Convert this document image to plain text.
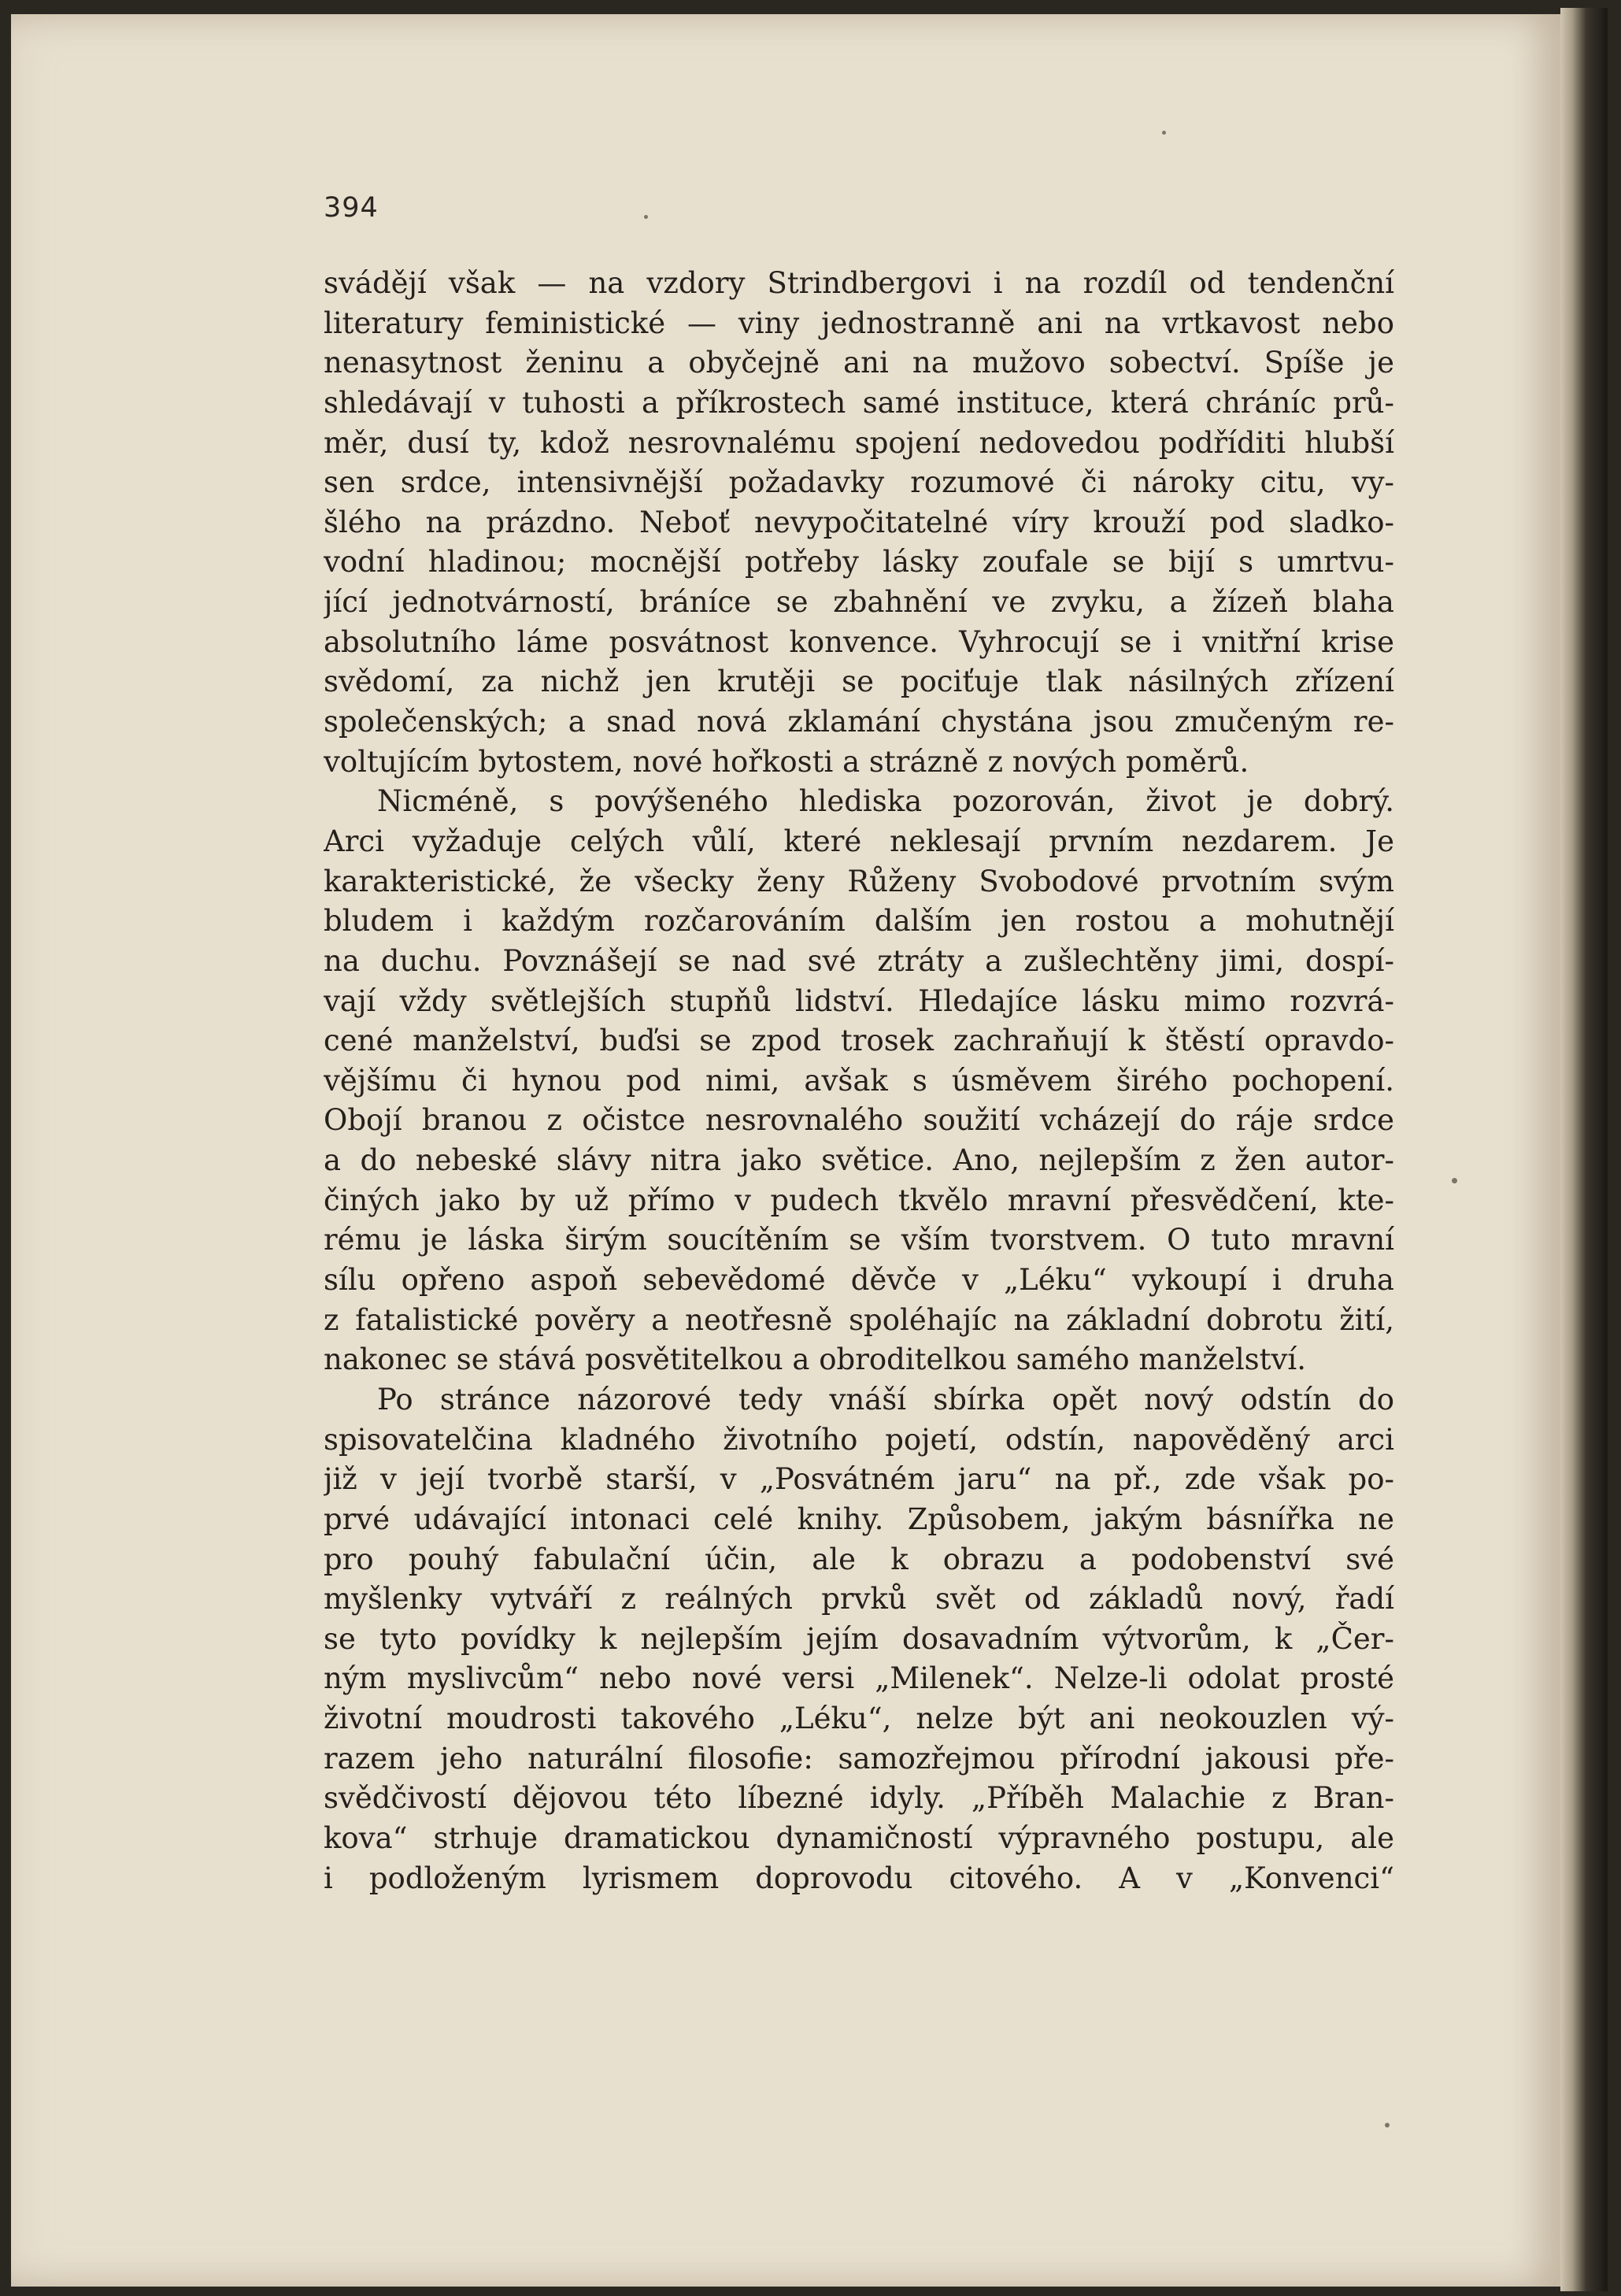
394
svádějí však — na vzdory Strindbergovi i na rozdíl od tendenční
literatury feministické — viny jednostranně ani na vrtkavost nebo
nenasytnost ženinu a obyčejně ani na mužovo sobectví. Spíše je
shledávají v tuhosti a příkrostech samé instituce, která chráníc prů-
měr, dusí ty, kdož nesrovnalému spojení nedovedou podříditi hlubší
sen srdce, intensivnější požadavky rozumové či nároky citu, vy-
šlého na prázdno. Neboť nevypočitatelné víry krouží pod sladko-
vodní hladinou; mocnější potřeby lásky zoufale se bijí s umrtvu-
jící jednotvárností, bráníce se zbahnění ve zvyku, a žízeň blaha
absolutního láme posvátnost konvence. Vyhrocují se i vnitřní krise
svědomí, za nichž jen krutěji se pociťuje tlak násilných zřízení
společenských; a snad nová zklamání chystána jsou zmučeným re-
voltujícím bytostem, nové hořkosti a strázně z nových poměrů.
Nicméně, s povýšeného hlediska pozorován, život je dobrý.
Arci vyžaduje celých vůlí, které neklesají prvním nezdarem. Je
karakteristické, že všecky ženy Růženy Svobodové prvotním svým
bludem i každým rozčarováním dalším jen rostou a mohutnějí
na duchu. Povznášejí se nad své ztráty a zušlechtěny jimi, dospí-
vají vždy světlejších stupňů lidství. Hledajíce lásku mimo rozvrá-
cené manželství, buďsi se zpod trosek zachraňují k štěstí opravdo-
vějšímu či hynou pod nimi, avšak s úsměvem širého pochopení.
Obojí branou z očistce nesrovnalého soužití vcházejí do ráje srdce
a do nebeské slávy nitra jako světice. Ano, nejlepším z žen autor-
činých jako by už přímo v pudech tkvělo mravní přesvědčení, kte-
rému je láska širým soucítěním se vším tvorstvem. O tuto mravní
sílu opřeno aspoň sebevědomé děvče v „Léku“ vykoupí i druha
z fatalistické pověry a neotřesně spoléhajíc na základní dobrotu žití,
nakonec se stává posvětitelkou a obroditelkou samého manželství.
Po stránce názorové tedy vnáší sbírka opět nový odstín do
spisovatelčina kladného životního pojetí, odstín, napověděný arci
již v její tvorbě starší, v „Posvátném jaru“ na př., zde však po-
prvé udávající intonaci celé knihy. Způsobem, jakým básnířka ne
pro pouhý fabulační účin, ale k obrazu a podobenství své
myšlenky vytváří z reálných prvků svět od základů nový, řadí
se tyto povídky k nejlepším jejím dosavadním výtvorům, k „Čer-
ným myslivcům“ nebo nové versi „Milenek“. Nelze-li odolat prosté
životní moudrosti takového „Léku“, nelze být ani neokouzlen vý-
razem jeho naturální filosofie: samozřejmou přírodní jakousi pře-
svědčivostí dějovou této líbezné idyly. „Příběh Malachie z Bran-
kova“ strhuje dramatickou dynamičností výpravného postupu, ale
i podloženým lyrismem doprovodu citového. A v „Konvenci“
